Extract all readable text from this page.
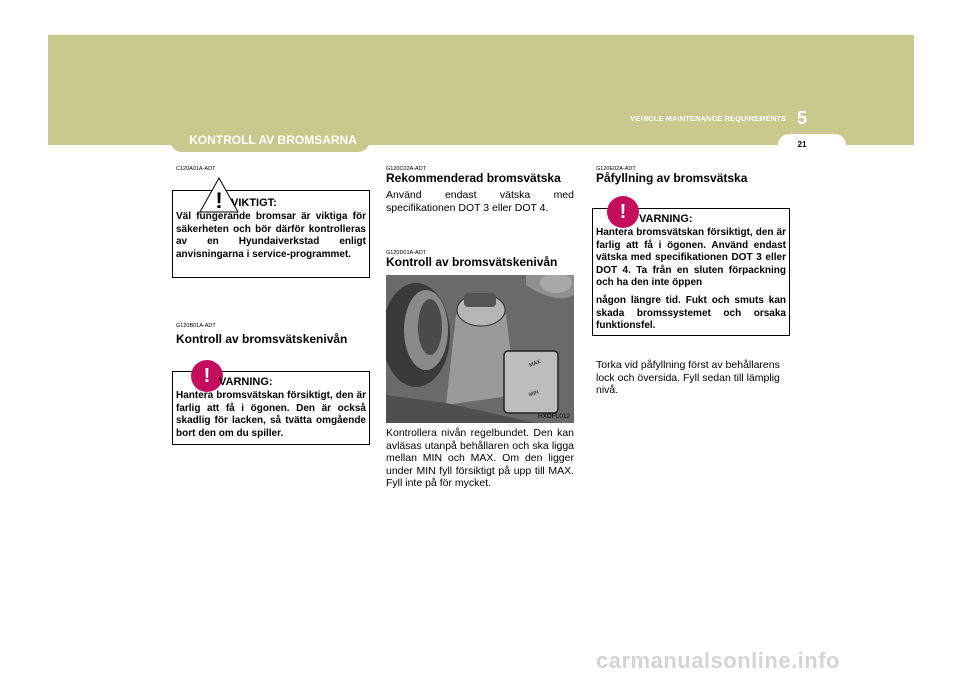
VEHICLE MAINTENANCE REQUIREMENTS 5
21
KONTROLL AV BROMSARNA
C120A01A-ADT
! VIKTIGT:
Väl fungerande bromsar är viktiga för säkerheten och bör därför kontrolleras av en Hyundaiverkstad enligt anvisningarna i service-programmet.
G120B01A-ADT
Kontroll av bromsvätskenivån
! VARNING:
Hantera bromsvätskan försiktigt, den är farlig att få i ögonen. Den är också skadlig för lacken, så tvätta omgående bort den om du spiller.
G120C02A-ADT
Rekommenderad bromsvätska
Använd endast vätska med specifikationen DOT 3 eller DOT 4.
G120D01A-ADT
Kontroll av bromsvätskenivån
MAX
MIN
HXDFL012
Kontrollera nivån regelbundet. Den kan avläsas utanpå behållaren och ska ligga mellan MIN och MAX. Om den ligger under MIN fyll försiktigt på upp till MAX. Fyll inte på för mycket.
G120E02A-ADT
Påfyllning av bromsvätska
!	VARNING:
Hantera bromsvätskan försiktigt, den är farlig att få i ögonen. Använd endast vätska med specifikationen DOT 3 eller DOT 4. Ta från en sluten förpackning och ha den inte öppen
någon längre tid. Fukt och smuts kan skada bromssystemet och orsaka funktionsfel.
Torka vid påfyllning först av behållarens lock och översida. Fyll sedan till lämplig nivå.
carmanualsonline.info
